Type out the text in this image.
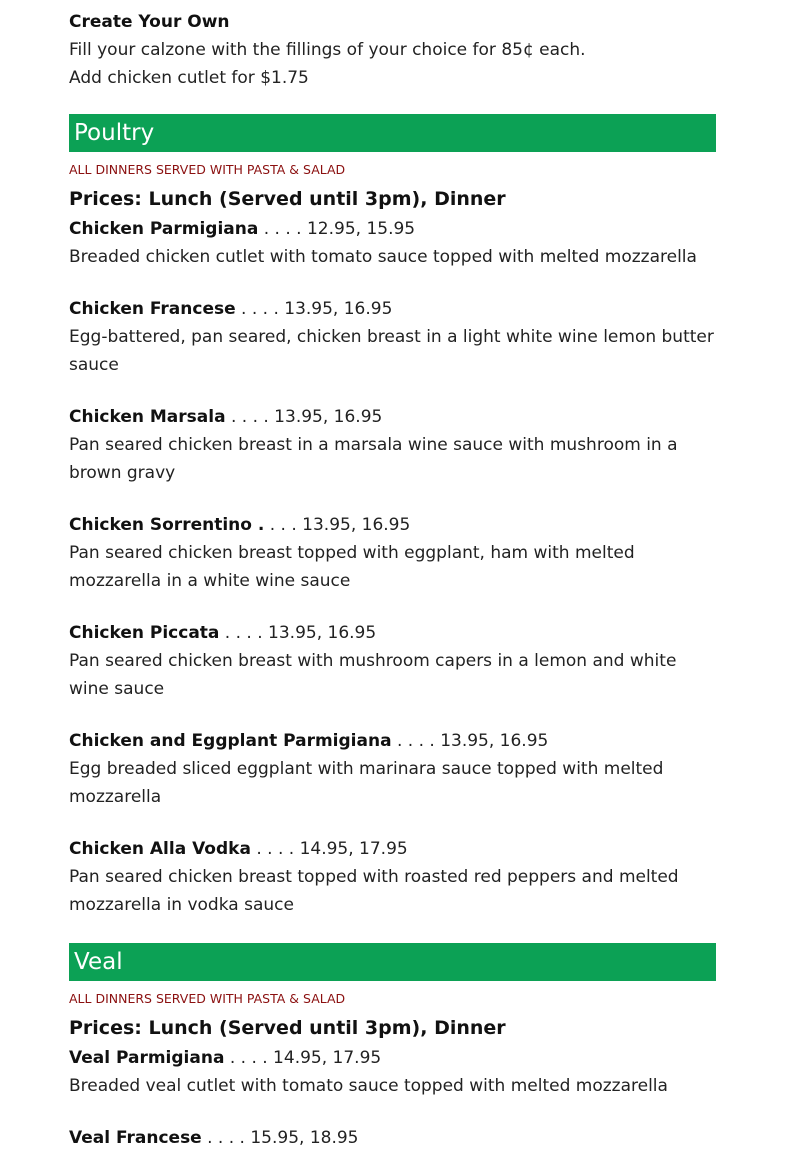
Create Your Own

Fill your calzone with the fillings of your choice for 85¢ each.

Add chicken cutlet for $1.75

Poultry

ALL DINNERS SERVED WITH PASTA & SALAD

Prices: Lunch (Served until 3pm), Dinner

Chicken Parmigiana . . . . 12.95, 15.95

Breaded chicken cutlet with tomato sauce topped with melted mozzarella

Chicken Francese . . . . 13.95, 16.95

Egg-battered, pan seared, chicken breast in a light white wine lemon butter sauce

Chicken Marsala . . . . 13.95, 16.95

Pan seared chicken breast in a marsala wine sauce with mushroom in a brown gravy

Chicken Sorrentino . . . . 13.95, 16.95

Pan seared chicken breast topped with eggplant, ham with melted mozzarella in a white wine sauce

Chicken Piccata . . . . 13.95, 16.95

Pan seared chicken breast with mushroom capers in a lemon and white wine sauce

Chicken and Eggplant Parmigiana . . . . 13.95, 16.95

Egg breaded sliced eggplant with marinara sauce topped with melted mozzarella

Chicken Alla Vodka . . . . 14.95, 17.95

Pan seared chicken breast topped with roasted red peppers and melted mozzarella in vodka sauce

Veal

ALL DINNERS SERVED WITH PASTA & SALAD

Prices: Lunch (Served until 3pm), Dinner

Veal Parmigiana . . . . 14.95, 17.95

Breaded veal cutlet with tomato sauce topped with melted mozzarella

Veal Francese . . . . 15.95, 18.95
